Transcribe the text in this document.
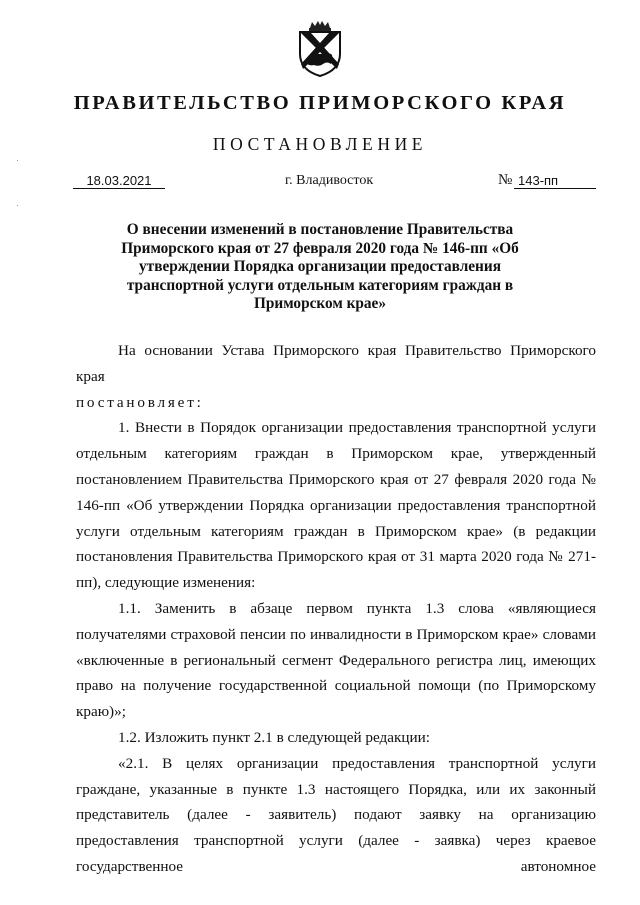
ПРАВИТЕЛЬСТВО ПРИМОРСКОГО КРАЯ
ПОСТАНОВЛЕНИЕ
18.03.2021	г. Владивосток	№ 143-пп
О внесении изменений в постановление Правительства Приморского края от 27 февраля 2020 года № 146-пп «Об утверждении Порядка организации предоставления транспортной услуги отдельным категориям граждан в Приморском крае»

На основании Устава Приморского края Правительство Приморского края

постановляет:

1. Внести в Порядок организации предоставления транспортной услуги отдельным категориям граждан в Приморском крае, утвержденный постановлением Правительства Приморского края от 27 февраля 2020 года № 146-пп «Об утверждении Порядка организации предоставления транспортной услуги отдельным категориям граждан в Приморском крае» (в редакции постановления Правительства Приморского края от 31 марта 2020 года № 271-пп), следующие изменения:

1.1. Заменить в абзаце первом пункта 1.3 слова «являющиеся получателями страховой пенсии по инвалидности в Приморском крае» словами «включенные в региональный сегмент Федерального регистра лиц, имеющих право на получение государственной социальной помощи (по Приморскому краю)»;

1.2. Изложить пункт 2.1 в следующей редакции:

«2.1. В целях организации предоставления транспортной услуги граждане, указанные в пункте 1.3 настоящего Порядка, или их законный представитель (далее - заявитель) подают заявку на организацию предоставления транспортной услуги (далее - заявка) через краевое государственное автономное
